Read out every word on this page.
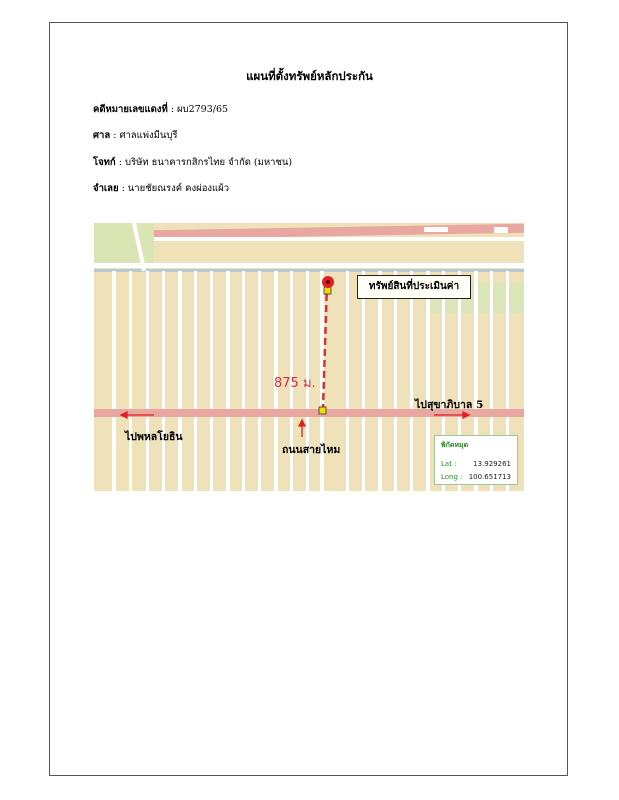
แผนที่ตั้งทรัพย์หลักประกัน
คดีหมายเลขแดงที่ : ผบ2793/65
ศาล : ศาลแพ่งมีนบุรี
โจทก์ : บริษัท ธนาคารกสิกรไทย จำกัด (มหาชน)
จำเลย : นายชัยณรงค์ คงผ่องแผ้ว
ทรัพย์สินที่ประเมินค่า
875 ม.
ไปสุขาภิบาล 5
ไปพหลโยธิน
ถนนสายไหม	พิกัดหมุด
Lat : 13.929261
Long : 100.651713
